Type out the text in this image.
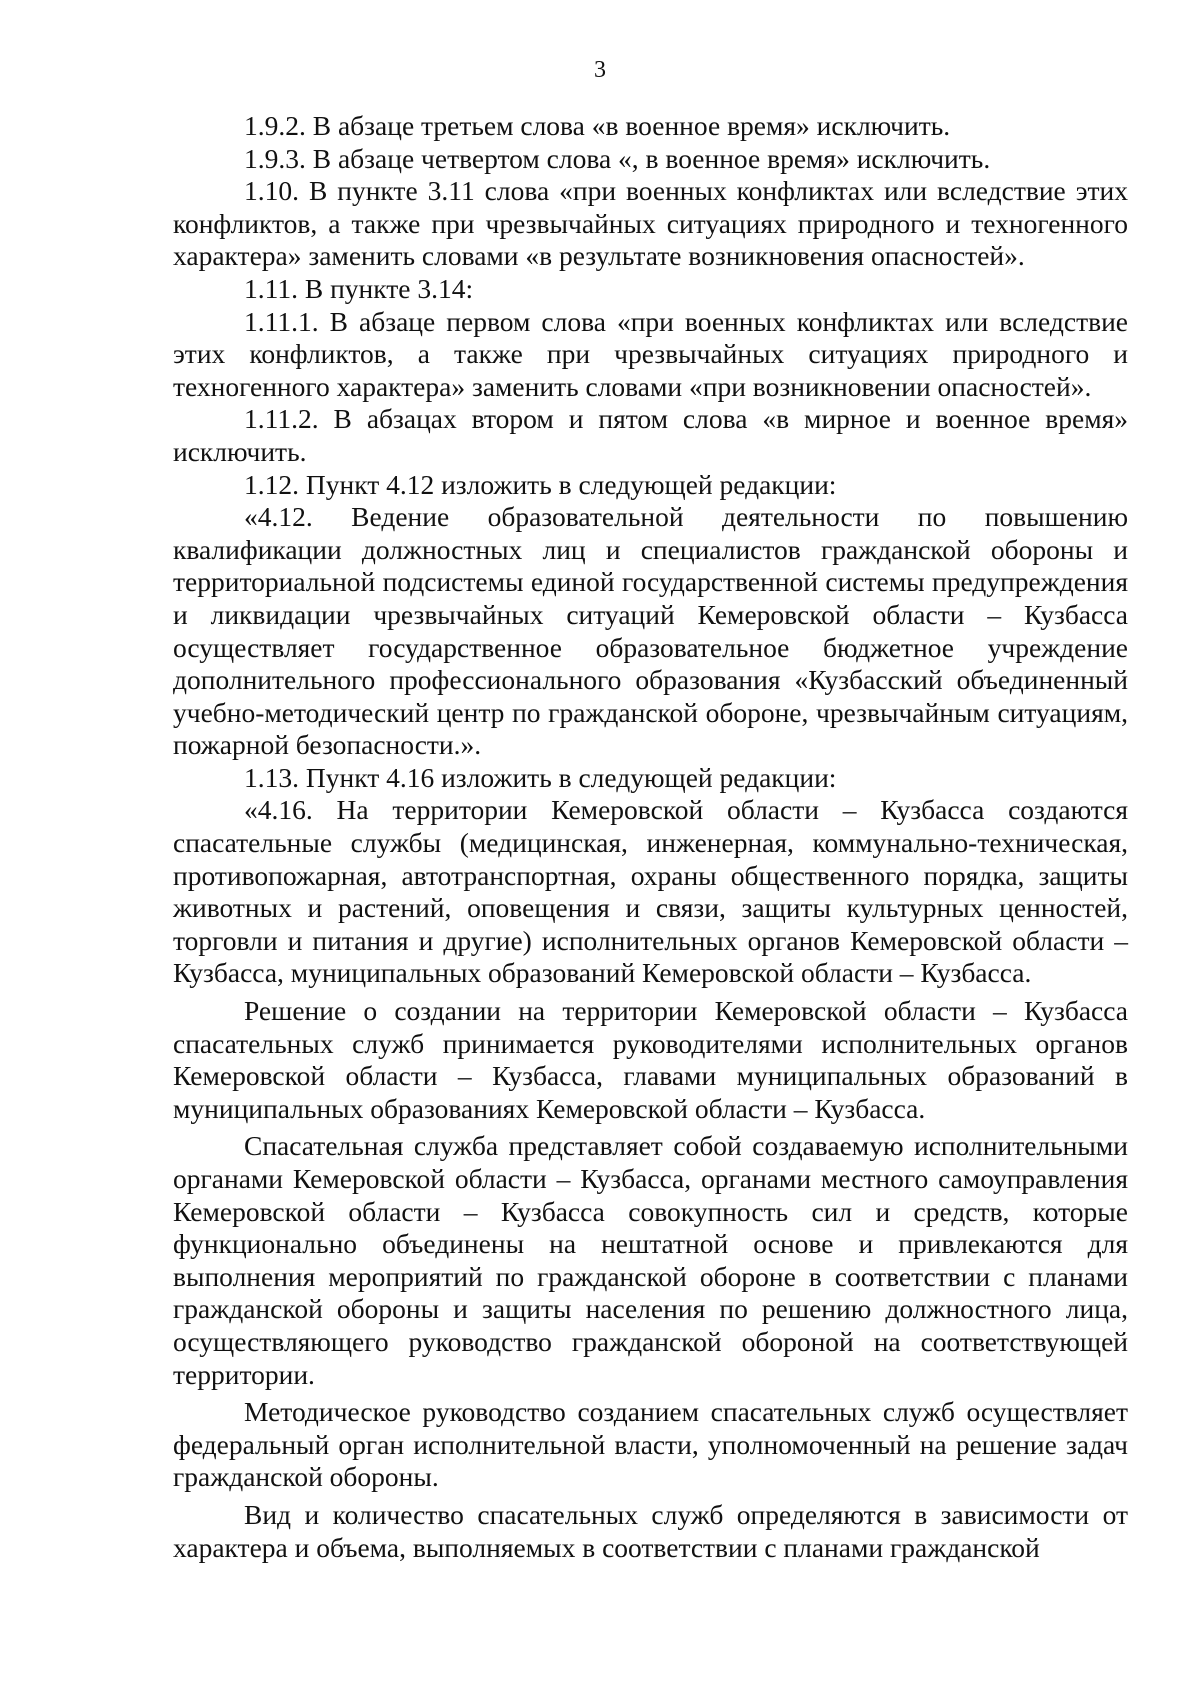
3

1.9.2. В абзаце третьем слова «в военное время» исключить.

1.9.3. В абзаце четвертом слова «, в военное время» исключить.

1.10. В пункте 3.11 слова «при военных конфликтах или вследствие этих конфликтов, а также при чрезвычайных ситуациях природного и техногенного характера» заменить словами «в результате возникновения опасностей».

1.11. В пункте 3.14:

1.11.1. В абзаце первом слова «при военных конфликтах или вследствие этих конфликтов, а также при чрезвычайных ситуациях природного и техногенного характера» заменить словами «при возникновении опасностей».

1.11.2. В абзацах втором и пятом слова «в мирное и военное время» исключить.

1.12. Пункт 4.12 изложить в следующей редакции:

«4.12. Ведение образовательной деятельности по повышению квалификации должностных лиц и специалистов гражданской обороны и территориальной подсистемы единой государственной системы предупреждения и ликвидации чрезвычайных ситуаций Кемеровской области – Кузбасса осуществляет государственное образовательное бюджетное учреждение дополнительного профессионального образования «Кузбасский объединенный учебно-методический центр по гражданской обороне, чрезвычайным ситуациям, пожарной безопасности.».

1.13. Пункт 4.16 изложить в следующей редакции:

«4.16. На территории Кемеровской области – Кузбасса создаются спасательные службы (медицинская, инженерная, коммунально-техническая, противопожарная, автотранспортная, охраны общественного порядка, защиты животных и растений, оповещения и связи, защиты культурных ценностей, торговли и питания и другие) исполнительных органов Кемеровской области – Кузбасса, муниципальных образований Кемеровской области – Кузбасса.

Решение о создании на территории Кемеровской области – Кузбасса спасательных служб принимается руководителями исполнительных органов Кемеровской области – Кузбасса, главами муниципальных образований в муниципальных образованиях Кемеровской области – Кузбасса.

Спасательная служба представляет собой создаваемую исполнительными органами Кемеровской области – Кузбасса, органами местного самоуправления Кемеровской области – Кузбасса совокупность сил и средств, которые функционально объединены на нештатной основе и привлекаются для выполнения мероприятий по гражданской обороне в соответствии с планами гражданской обороны и защиты населения по решению должностного лица, осуществляющего руководство гражданской обороной на соответствующей территории.

Методическое руководство созданием спасательных служб осуществляет федеральный орган исполнительной власти, уполномоченный на решение задач гражданской обороны.

Вид и количество спасательных служб определяются в зависимости от характера и объема, выполняемых в соответствии с планами гражданской
